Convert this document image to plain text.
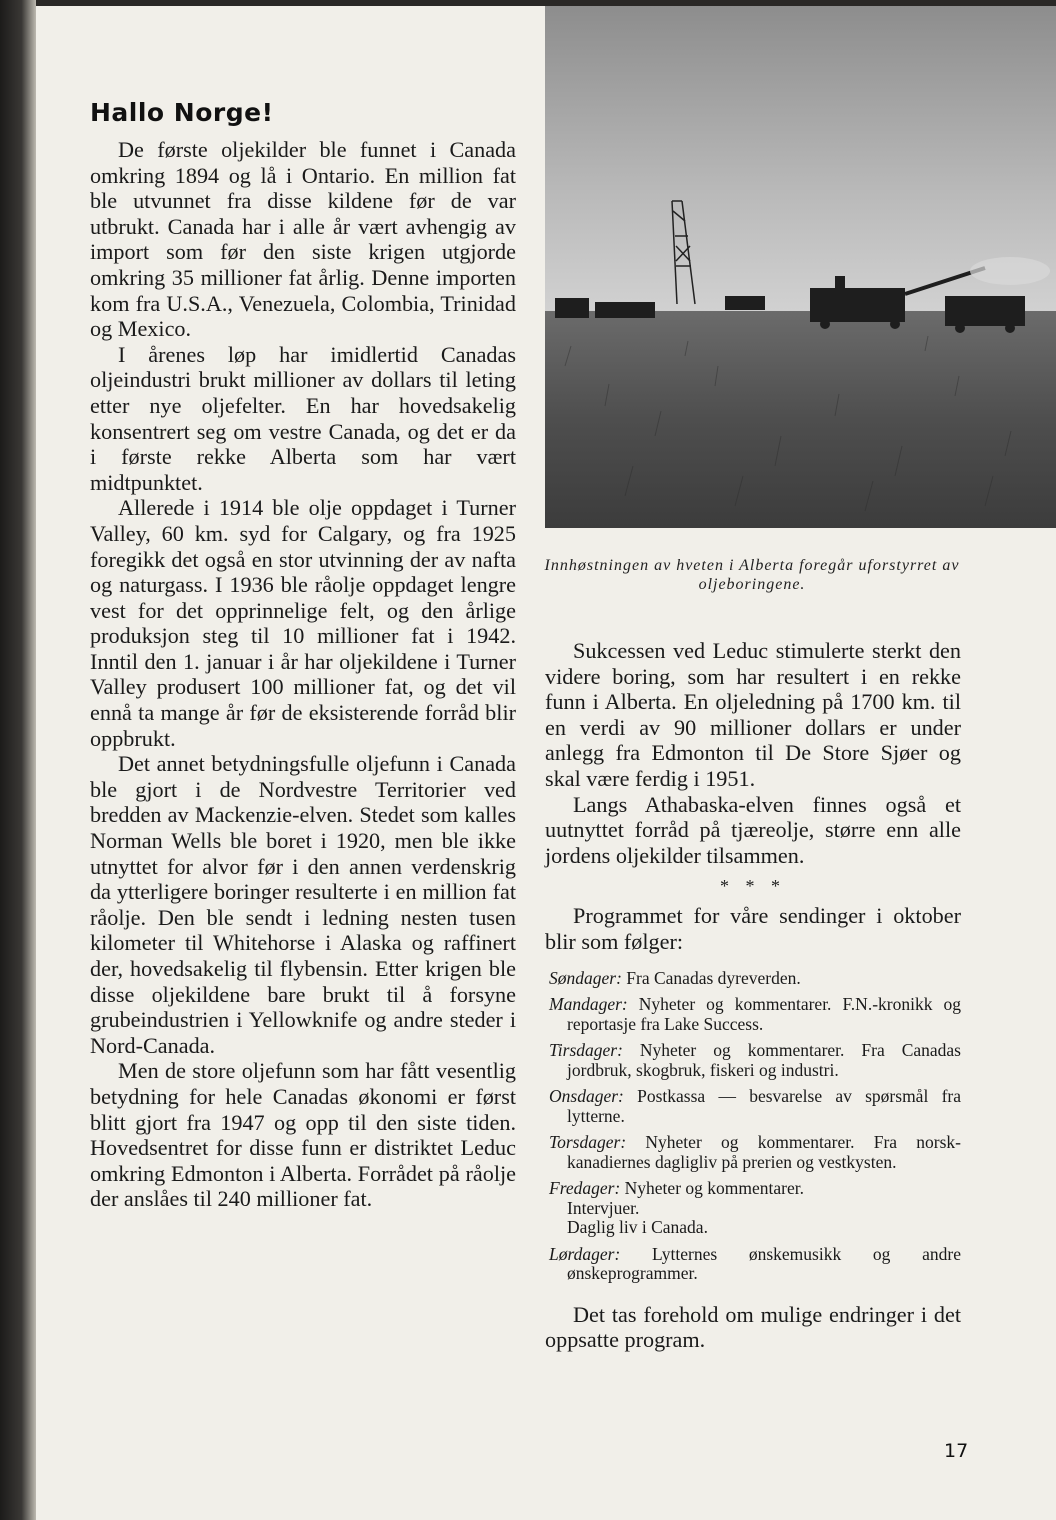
Hallo Norge!

De første oljekilder ble funnet i Canada omkring 1894 og lå i Ontario. En million fat ble utvunnet fra disse kildene før de var utbrukt. Canada har i alle år vært avhengig av import som før den siste krigen utgjorde omkring 35 millioner fat årlig. Denne importen kom fra U.S.A., Venezuela, Colombia, Trinidad og Mexico.

I årenes løp har imidlertid Canadas oljeindustri brukt millioner av dollars til leting etter nye oljefelter. En har hovedsakelig konsentrert seg om vestre Canada, og det er da i første rekke Alberta som har vært midtpunktet.

Allerede i 1914 ble olje oppdaget i Turner Valley, 60 km. syd for Calgary, og fra 1925 foregikk det også en stor utvinning der av nafta og naturgass. I 1936 ble råolje oppdaget lengre vest for det opprinnelige felt, og den årlige produksjon steg til 10 millioner fat i 1942. Inntil den 1. januar i år har oljekildene i Turner Valley produsert 100 millioner fat, og det vil ennå ta mange år før de eksisterende forråd blir oppbrukt.

Det annet betydningsfulle oljefunn i Canada ble gjort i de Nordvestre Territorier ved bredden av Mackenzie-elven. Stedet som kalles Norman Wells ble boret i 1920, men ble ikke utnyttet for alvor før i den annen verdenskrig da ytterligere boringer resulterte i en million fat råolje. Den ble sendt i ledning nesten tusen kilometer til Whitehorse i Alaska og raffinert der, hovedsakelig til flybensin. Etter krigen ble disse oljekildene bare brukt til å forsyne grubeindustrien i Yellowknife og andre steder i Nord-Canada.

Men de store oljefunn som har fått vesentlig betydning for hele Canadas økonomi er først blitt gjort fra 1947 og opp til den siste tiden. Hovedsentret for disse funn er distriktet Leduc omkring Edmonton i Alberta. Forrådet på råolje der anslåes til 240 millioner fat.

Innhøstningen av hveten i Alberta foregår uforstyrret av oljeboringene.

Sukcessen ved Leduc stimulerte sterkt den videre boring, som har resultert i en rekke funn i Alberta. En oljeledning på 1700 km. til en verdi av 90 millioner dollars er under anlegg fra Edmonton til De Store Sjøer og skal være ferdig i 1951.

Langs Athabaska-elven finnes også et uutnyttet forråd på tjæreolje, større enn alle jordens oljekilder tilsammen.

* * *

Programmet for våre sendinger i oktober blir som følger:

Søndager: Fra Canadas dyreverden.

Mandager: Nyheter og kommentarer. F.N.-kronikk og reportasje fra Lake Success.

Tirsdager: Nyheter og kommentarer. Fra Canadas jordbruk, skogbruk, fiskeri og industri.

Onsdager: Postkassa — besvarelse av spørsmål fra lytterne.

Torsdager: Nyheter og kommentarer. Fra norsk-kanadiernes dagligliv på prerien og vestkysten.

Fredager: Nyheter og kommentarer.
Intervjuer.
Daglig liv i Canada.

Lørdager: Lytternes ønskemusikk og andre ønskeprogrammer.

Det tas forehold om mulige endringer i det oppsatte program.

17
